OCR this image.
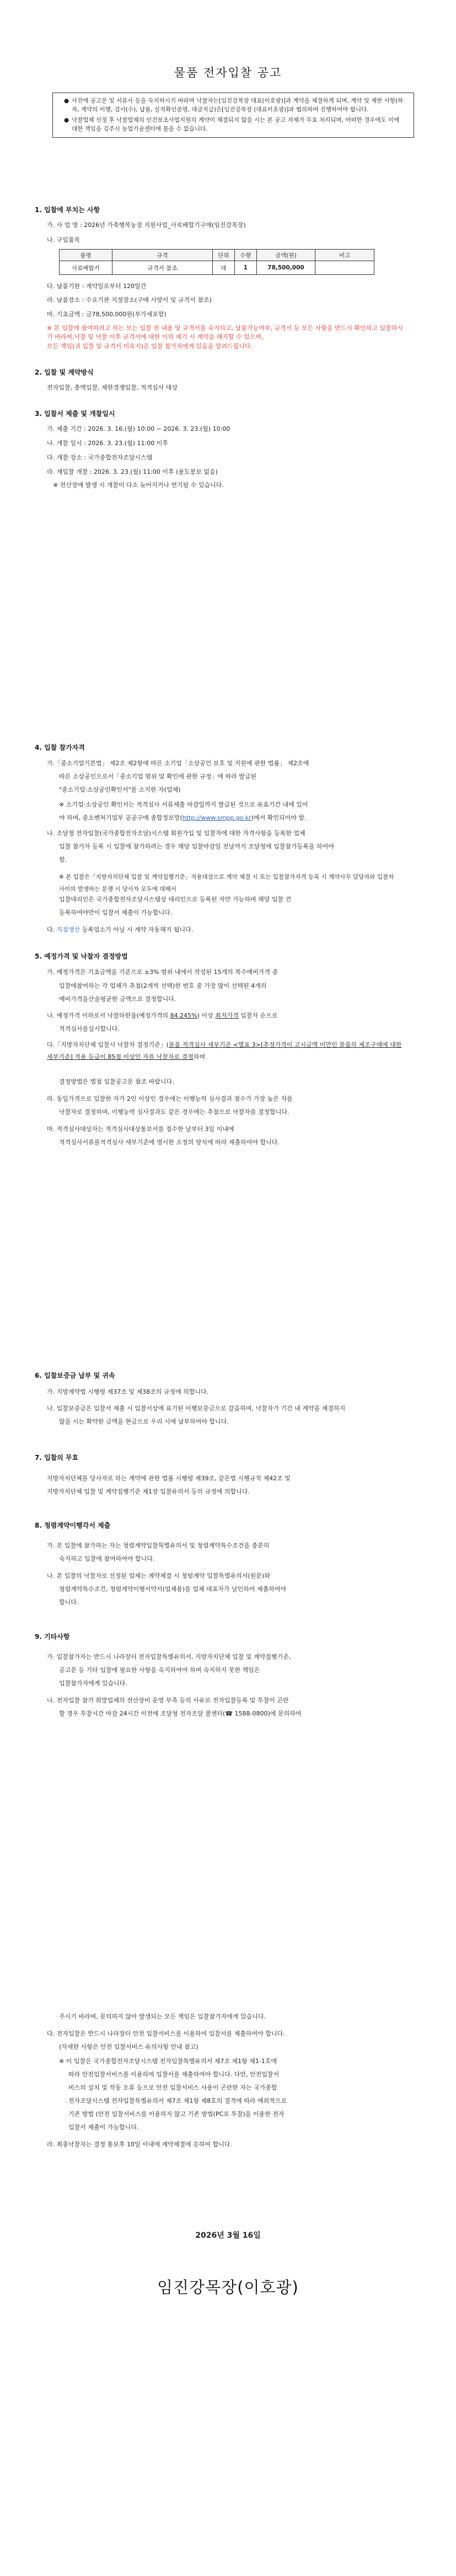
물품 전자입찰 공고

● 사전에 공고문 및 서류사 등을 숙지하시기 바라며 낙찰자는[임진강목장 대표(이호광)]과 계약을 체결하게 되며, 계약 및 제반 사항(하자, 계약의 이행, 검사(수), 납품, 실적확인증명, 대금지급)은[임진강목장 (대표이호광)]과 협의하여 진행하여야 합니다.

● 낙찰업체 선정 후 낙찰업체의 인건보조사업지원의 계약이 체결되지 않을 시는 본 공고 자체가 무효 처리되며, 어떠한 경우에도 이에 대한 책임을 김주시 농업기술센터에 물을 수 없습니다.

1. 입찰에 부치는 사항
가. 사 업 명 : 2026년 가축행복농장 지원사업_사료배합기구매(임진강목장)
나. 구입품목
품명	규격	단위	수량	금액(원)	비고
사료배합기	규격서 참조	대	1	78,500,000	
다. 납품기한 : 계약일로부터 120일간
라. 납품장소 : 수요기관 지정장소(구매 사양서 및 규격서 참조)
마. 기초금액 : 금78,500,000원(부가세포함)
※ 본 입찰에 참여하려고 하는 모는 입찰 전 내용 및 규격서를 숙지하고, 납품가능여부, 규격서 등 모든 사항을 반드시 확인하고 입찰하시기 바라며,낙찰 및 낙찰 이후 규격서에 대한 이의 제기 시 계약을 해지할 수 있으며,
모든 책임(귀 입찰 및 규격서 미숙지)은 입찰 참가자에게 있음을 알려드립니다.
2. 입찰 및 계약방식
전자입찰, 총액입찰, 제한경쟁입찰, 적격심사 대상
3. 입찰서 제출 및 개찰일시
가. 제출 기간 : 2026. 3. 16.(월) 10:00 ~ 2026. 3. 23.(월) 10:00
나. 개찰 일시 : 2026. 3. 23.(월) 11:00 이후
다. 개찰 장소 : 국가종합전자조달시스템
라. 재입찰 개찰 : 2026. 3. 23.(월) 11:00 이후 (용도봉보 없음)
※ 전산장애 발생 시 개찰이 다소 늦어지거나 연기될 수 있습니다.
4. 입찰 참가자격
가.「중소기업기본법」 제2조 제2항에 따른 소기업「소상공인 보호 및 지원에 관한 법률」 제2조에
따른 소상공인으로서「중소기업 범위 및 확인에 관한 규정」에 따라 발급된
"중소기업·소상공인확인서"를 소지한 자(업체)
※ 소기업·소상공인 확인서는 적격심사 서류제출 마감일까지 발급된 것으로 유효기간 내에 있어
야 하며, 중소벤처기업부 공공구매 종합정보망(http://www.smpp.go.kr)에서 확인되어야 함.
나. 조달청 전자입찰(국가종합전자조달)시스템 회원가입 및 입찰자에 대한 자격사항을 등록한 업체
입찰 참가자 등록 시 입찰에 참가하려는 경우 해당 입찰마감일 전날까지 조달청에 입찰참가등록을 하여야
함.
※ 본 입찰은「지방자치단체 입찰 및 계약집행기준」적용대상으로 계약 체결 시 또는 입찰참가자격 등록 시 계약사무 담당자와 입찰자 사이의 발생하는 분쟁 시 당사자 모두에 대해서
입찰대리인은 국가종합전자조달시스템상 대리인으로 등록된 자만 가능하며 해당 입찰 건
등록하여야만이 입찰서 제출이 가능합니다.
다. 직접생산 등록업소가 아닐 시 계약 자동해지 됩니다.
5. 예정가격 및 낙찰자 결정방법
가. 예정가격은 기초금액을 기준으로 ±3% 범위 내에서 작성된 15개의 복수예비가격 중
입찰에참여하는 각 업체가 추첨(2개씩 선택)한 번호 중 가장 많이 선택된 4개의
예비가격을산술평균한 금액으로 결정합니다.
나. 예정가격 이하로서 낙찰하한율(예정가격의 84.245%) 이상 최저가격 입찰자 순으로
적격심사를실시합니다.
다.「지방자치단체 입찰시 낙찰자 결정기준」(물품 적격심사 세부기준 <별표 3>[추정가격이 고시금액 미만인 물품의 제조구매에 대한 세부기준] 적용 등급이 85점 이상인 자를 낙찰자로 결정하며
결정방법은 별첨 입찰공고문 참조 바랍니다.
라. 동일가격으로 입찰한 자가 2인 이상인 경우에는 이행능력 심사결과 점수가 가장 높은 자를
낙찰자로 결정하며, 이행능력 심사결과도 같은 경우에는 추첨으로 낙찰자를 결정합니다.
마. 적격심사대상자는 적격심사대상통보서를 접수한 날부터 3일 이내에
적격심사서류를적격심사 세부기준에 명시한 소정의 양식에 따라 제출하여야 합니다.
6. 입찰보증금 납부 및 귀속
가. 지방계약법 시행령 제37조 및 제38조의 규정에 의합니다.
나. 입찰보증금은 입찰서 제출 시 입찰서상에 표기된 이행보증금으로 갈음하며, 낙찰자가 기간 내 계약을 체결하지
않을 시는 확약한 금액을 현금으로 우리 시에 납부하여야 합니다.
7. 입찰의 무효
지방자치단체를 당사자로 하는 계약에 관한 법률 시행령 제39조, 같은법 시행규칙 제42조 및
지방자치단체 입찰 및 계약집행기준 제1장 입찰유의서 등의 규정에 의합니다.
8. 청렴계약이행각서 제출
가. 본 입찰에 참가하는 자는 청렴계약입찰특별유의서 및 청렴계약특수조건을 충분히
숙지하고 입찰에 참여하여야 합니다.
나. 본 입찰의 낙찰자로 선정된 업체는 계약체결 시 청렴계약 입찰특별유의서(원문)와
청렴계약특수조건, 청렴계약이행서약서(업체용)를 업체 대표자가 날인하여 제출하여야
합니다.
9. 기타사항
가. 입찰참가자는 반드시 나라장터 전자입찰특별유의서, 지방자치단체 입찰 및 계약집행기준,
공고문 등 기타 입찰에 필요한 사항을 숙지하여야 하며 숙지하지 못한 책임은
입찰참가자에게 있습니다.
나. 전자입찰 참가 희망업체의 전산장비 운영 부족 등의 사유로 전자입찰등록 및 투찰이 곤란
할 경우 투찰시간 마감 24시간 이전에 조달청 전자조달 콜센터(☎ 1588-0800)에 문의하여
주시기 바라며, 문의하지 않아 발생되는 모든 책임은 입찰참가자에게 있습니다.
다. 전자입찰은 반드시 나라장터 안전 입찰서비스를 이용하여 입찰서를 제출하여야 합니다.
(자세한 사항은 안전 입찰서비스 유의사항 안내 참고)
※ 이 입찰은 국가종합전자조달시스템 전자입찰특별유의서 제7조 제1항 제1-1호에
따라 안전입찰서비스를 이용하여 입찰서를 제출하여야 합니다. 다만, 안전입찰서
비스의 설치 및 작동 오류 등으로 안전 입찰서비스 사용이 곤란한 자는 국가종합
전자조달시스템 전자입찰특별유의서 제7조 제1항 제8호의 결격에 따라 예외적으로
기존 방법 (안전 입찰서비스를 이용하지 않고 기존 방법(PC로 투찰)을 이용한 전자
입찰서 제출이 가능합니다.
라. 최종낙찰자는 결정 통보후 10일 이내에 계약체결에 응하여 합니다.
2026년 3월 16일
임진강목장(이호광)
